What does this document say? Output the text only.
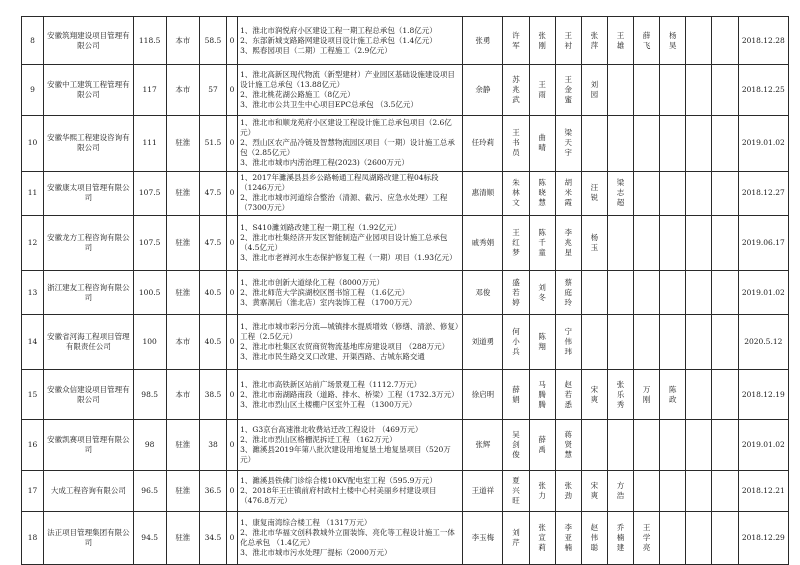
8	安徽筑翔建设项目管理有限公司	118.5	本市	58.5	0	1、淮北市润悦府小区建设工程一期工程总承包（1.8亿元）
2、东部新城支路路网建设项目设计施工总承包（1.4亿元）
3、熙春园项目（二期）工程施工（2.9亿元）	张勇	许军	张刚	王衬	张萍	王雄	薛飞	杨昊			2018.12.28
9	安徽中工建筑工程管理有限公司	117	本市	57	0	1、淮北高新区现代物流（新型建材）产业园区基础设施建设项目设计施工总承包（13.88亿元）
2、淮北桃花湖公路施工（8亿元）
3、淮北市公共卫生中心项目EPC总承包 （3.5亿元）	余静	苏兆武	王雨	王金蜜	刘园						2018.12.25
10	安徽华熙工程建设咨询有限公司	111	驻淮	51.5	0	1、淮北市和顺龙苑府小区建设工程设计施工总承包项目（2.6亿元）
2、烈山区农产品冷链及智慧物流园区项目（一期）设计施工总承包（2.85亿元）
3、淮北市城市内涝治理工程(2023)（2600万元）	任玲莉	王书员	曲晴	梁天宇							2019.01.02
11	安徽康太项目管理有限公司	107.5	驻淮	47.5	0	1、2017年濉溪县县乡公路畅通工程凤湖路改建工程04标段（1246万元）
2、淮北市城市河道综合整治（清源、截污、应急水处理）工程 （7300万元）	惠清顺	朱林文	陈晓慧	胡米霞	汪锐	梁志超					2018.12.27
12	安徽龙方工程咨询有限公司	107.5	驻淮	47.5	0	1、S410濉刘路改建工程一期工程（1.92亿元）
2、淮北市杜集经济开发区智能制造产业园项目设计施工总承包（4.5亿元）
3、淮北市老禅河水生态保护修复工程（一期）项目（1.93亿元）	戚秀娟	王红梦	陈千童	李兆星	杨玉						2019.06.17
13	浙江建友工程咨询有限公司	100.5	驻淮	40.5	0	1、淮北市创新大道绿化工程（8000万元）
2、淮北师范大学滨湖校区图书馆工程 （1.6亿元）
3、黄寨洞后（淮北店）室内装饰工程 （1700万元）	邓俊	盛若婷	刘冬	蔡庭玲							2019.01.02
14	安徽省河海工程项目管理有限责任公司	100	本市	40.5	0	1、淮北市城市彩污分流—城镇排水提质增效（修缮、清淤、修复）工程（2.5亿元）
2、淮北市杜集区农贸商贸物流基地库房建设项目 （288万元）
3、淮北市民生路交叉口改建、开渠西路、古城东路交通	刘道勇	何小兵	陈翔	宁伟玮							2020.5.12
15	安徽众信建设项目管理有限公司	98.5	本市	38.5	0	1、淮北市高铁新区站前广场景观工程（1112.7万元）
2、淮北市南湖路南段（道路、排水、桥梁）工程（1732.3万元）
3、淮北市烈山区土楼棚户区室外工程 （1300万元）	徐启明	薛娟	马腾腾	赵若悉	宋爽	张乐秀	万刚	陈政			2018.12.19
16	安徽凯赛项目管理有限公司	98	驻淮	38	0	1、G3京台高速淮北收费站迁改工程设计 （469万元）
2、淮北市烈山区格栅泥拆迁工程 （162万元）
3、濉溪县2019年第八批次建设用地复垦土地复垦项目（520万元）	张辉	吴剑俊	薛禹	蒋贤慧							2019.01.02
17	大成工程咨询有限公司	96.5	驻淮	36.5	0	1、濉溪县铁佛门诊综合楼10KV配电室工程（595.9万元）
2、2018年王庄镇前府村政村土楼中心村美丽乡村建设项目 （476.8万元）	王道祥	夏兴旺	张力	张劲	宋爽	方浩					2018.12.21
18	法正项目管理集团有限公司	94.5	驻淮	34.5	0	1、康复南湾综合楼工程 （1317万元）
2、淮北市华福文创科教城外立面装饰、亮化等工程设计施工一体化总承包 （1.4亿元）
3、淮北市城市污水处理厂提标（2000万元）	李玉梅	刘芹	张宣莉	李亚楠	赵伟聪	乔楠建	王学亮				2018.12.29
